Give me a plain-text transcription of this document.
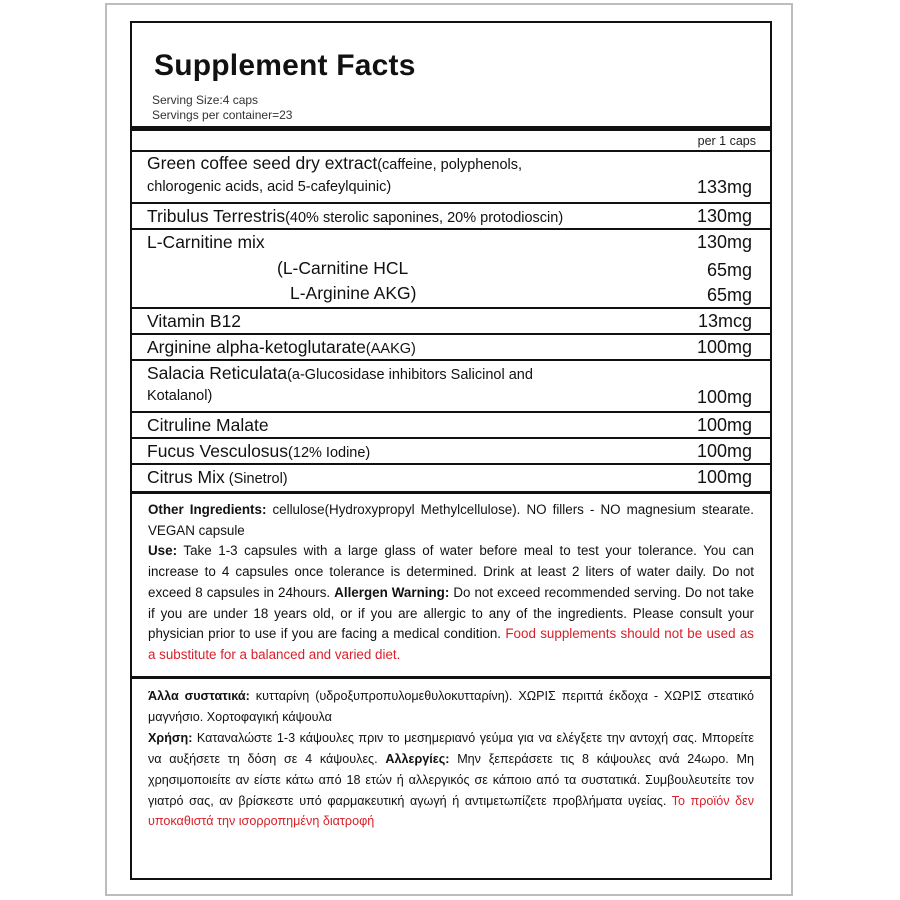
Supplement Facts
Serving Size:4 caps
Servings per container=23
per 1 caps
Green coffee seed dry extract(caffeine, polyphenols,
chlorogenic acids, acid 5-cafeylquinic)	133mg
Tribulus Terrestris(40% sterolic saponines, 20% protodioscin)	130mg
L-Carnitine mix	130mg
(L-Carnitine HCL	65mg
L-Arginine AKG)	65mg
Vitamin B12	13mcg
Arginine alpha-ketoglutarate(AAKG)	100mg
Salacia Reticulata(a-Glucosidase inhibitors Salicinol and
Kotalanol)	100mg
Citruline Malate	100mg
Fucus Vesculosus(12% Iodine)	100mg
Citrus Mix (Sinetrol)	100mg
Other Ingredients: cellulose(Hydroxypropyl Methylcellulose). NO fillers - NO magnesium stearate. VEGAN capsule
Use: Take 1-3 capsules with a large glass of water before meal to test your tolerance. You can increase to 4 capsules once tolerance is determined. Drink at least 2 liters of water daily. Do not exceed 8 capsules in 24hours. Allergen Warning: Do not exceed recommended serving. Do not take if you are under 18 years old, or if you are allergic to any of the ingredients. Please consult your physician prior to use if you are facing a medical condition. Food supplements should not be used as a substitute for a balanced and varied diet.
Άλλα συστατικά: κυτταρίνη (υδροξυπροπυλομεθυλοκυτταρίνη). ΧΩΡΙΣ περιττά έκδοχα - ΧΩΡΙΣ στεατικό μαγνήσιο. Χορτοφαγική κάψουλα
Χρήση: Καταναλώστε 1-3 κάψουλες πριν το μεσημεριανό γεύμα για να ελέγξετε την αντοχή σας. Μπορείτε να αυξήσετε τη δόση σε 4 κάψουλες. Αλλεργίες: Μην ξεπεράσετε τις 8 κάψουλες ανά 24ωρο. Μη χρησιμοποιείτε αν είστε κάτω από 18 ετών ή αλλεργικός σε κάποιο από τα συστατικά. Συμβουλευτείτε τον γιατρό σας, αν βρίσκεστε υπό φαρμακευτική αγωγή ή αντιμετωπίζετε προβλήματα υγείας. Το προϊόν δεν υποκαθιστά την ισορροπημένη διατροφή
